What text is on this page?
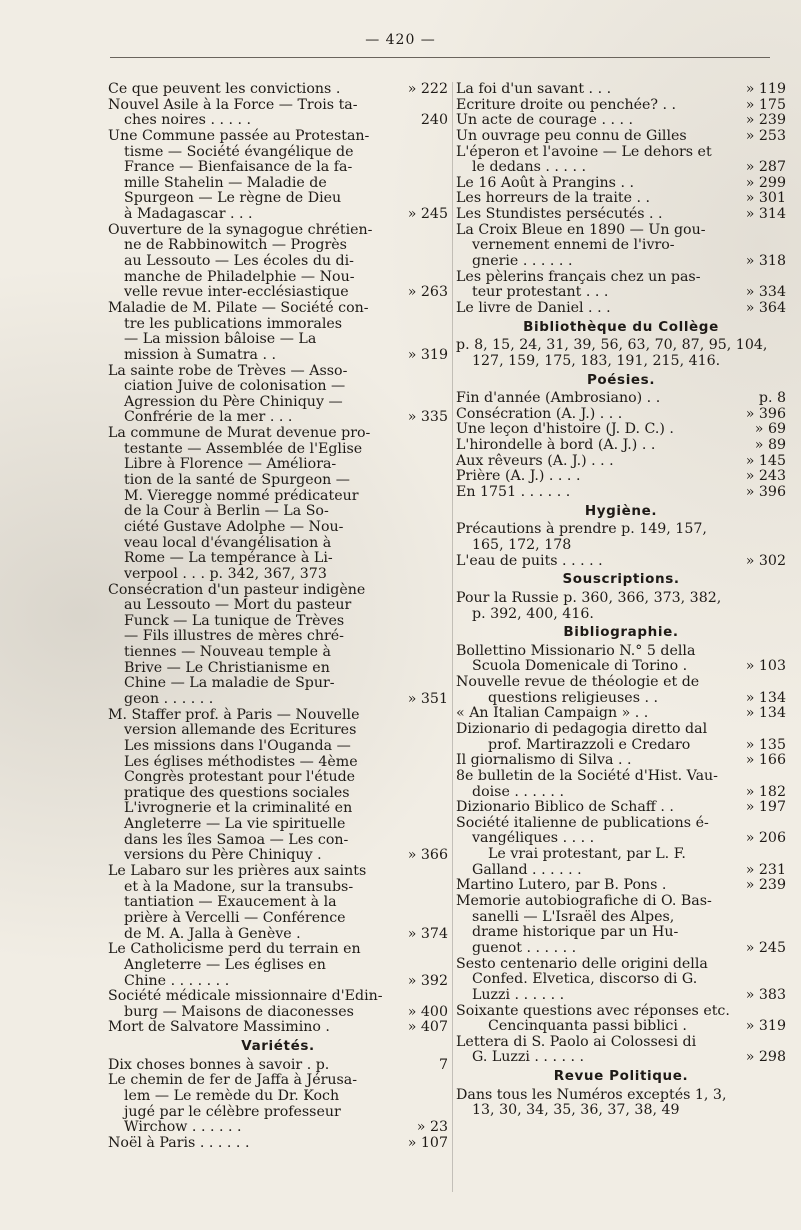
— 420 —
Ce que peuvent les convictions .	» 222
Nouvel Asile à la Force — Trois ta-
ches noires . . . . .	240
Une Commune passée au Protestan-
tisme — Société évangélique de
France — Bienfaisance de la fa-
mille Stahelin — Maladie de
Spurgeon — Le règne de Dieu
à Madagascar . . .	» 245
Ouverture de la synagogue chrétien-
ne de Rabbinowitch — Progrès
au Lessouto — Les écoles du di-
manche de Philadelphie — Nou-
velle revue inter-ecclésiastique	» 263
Maladie de M. Pilate — Société con-
tre les publications immorales
— La mission bâloise — La
mission à Sumatra . .	» 319
La sainte robe de Trèves — Asso-
ciation Juive de colonisation —
Agression du Père Chiniquy —
Confrérie de la mer . . .	» 335
La commune de Murat devenue pro-
testante — Assemblée de l'Eglise
Libre à Florence — Améliora-
tion de la santé de Spurgeon —
M. Vieregge nommé prédicateur
de la Cour à Berlin — La So-
ciété Gustave Adolphe — Nou-
veau local d'évangélisation à
Rome — La tempérance à Li-
verpool . . . p. 342, 367, 373
Consécration d'un pasteur indigène
au Lessouto — Mort du pasteur
Funck — La tunique de Trèves
— Fils illustres de mères chré-
tiennes — Nouveau temple à
Brive — Le Christianisme en
Chine — La maladie de Spur-
geon . . . . . .	» 351
M. Staffer prof. à Paris — Nouvelle
version allemande des Ecritures
Les missions dans l'Ouganda —
Les églises méthodistes — 4ème
Congrès protestant pour l'étude
pratique des questions sociales
L'ivrognerie et la criminalité en
Angleterre — La vie spirituelle
dans les îles Samoa — Les con-
versions du Père Chiniquy .	» 366
Le Labaro sur les prières aux saints
et à la Madone, sur la transubs-
tantiation — Exaucement à la
prière à Vercelli — Conférence
de M. A. Jalla à Genève .	» 374
Le Catholicisme perd du terrain en
Angleterre — Les églises en
Chine . . . . . . .	» 392
Société médicale missionnaire d'Edin-
burg — Maisons de diaconesses	» 400
Mort de Salvatore Massimino .	» 407
Variétés.
Dix choses bonnes à savoir . p.	7
Le chemin de fer de Jaffa à Jérusa-
lem — Le remède du Dr. Koch
jugé par le célèbre professeur
Wirchow . . . . . .	» 23
Noël à Paris . . . . . .	» 107
La foi d'un savant . . .	» 119
Ecriture droite ou penchée? . .	» 175
Un acte de courage . . . .	» 239
Un ouvrage peu connu de Gilles	» 253
L'éperon et l'avoine — Le dehors et
le dedans . . . . .	» 287
Le 16 Août à Prangins . .	» 299
Les horreurs de la traite . .	» 301
Les Stundistes persécutés . .	» 314
La Croix Bleue en 1890 — Un gou-
vernement ennemi de l'ivro-
gnerie . . . . . .	» 318
Les pèlerins français chez un pas-
teur protestant . . .	» 334
Le livre de Daniel . . .	» 364
Bibliothèque du Collège
p. 8, 15, 24, 31, 39, 56, 63, 70, 87, 95, 104,
127, 159, 175, 183, 191, 215, 416.
Poésies.
Fin d'année (Ambrosiano) . .	p. 8
Consécration (A. J.) . . .	» 396
Une leçon d'histoire (J. D. C.) .	» 69
L'hirondelle à bord (A. J.) . .	» 89
Aux rêveurs (A. J.) . . .	» 145
Prière (A. J.) . . . .	» 243
En 1751 . . . . . .	» 396
Hygiène.
Précautions à prendre p. 149, 157,
165, 172, 178
L'eau de puits . . . . .	» 302
Souscriptions.
Pour la Russie p. 360, 366, 373, 382,
p. 392, 400, 416.
Bibliographie.
Bollettino Missionario N.° 5 della
Scuola Domenicale di Torino .	» 103
Nouvelle revue de théologie et de
questions religieuses . .	» 134
« An Italian Campaign » . .	» 134
Dizionario di pedagogia diretto dal
prof. Martirazzoli e Credaro	» 135
Il giornalismo di Silva . .	» 166
8e bulletin de la Société d'Hist. Vau-
doise . . . . . .	» 182
Dizionario Biblico de Schaff . .	» 197
Société italienne de publications é-
vangéliques . . . .	» 206
Le vrai protestant, par L. F.
Galland . . . . . .	» 231
Martino Lutero, par B. Pons .	» 239
Memorie autobiografiche di O. Bas-
sanelli — L'Israël des Alpes,
drame historique par un Hu-
guenot . . . . . .	» 245
Sesto centenario delle origini della
Confed. Elvetica, discorso di G.
Luzzi . . . . . .	» 383
Soixante questions avec réponses etc.
Cencinquanta passi biblici .	» 319
Lettera di S. Paolo ai Colossesi di
G. Luzzi . . . . . .	» 298
Revue Politique.
Dans tous les Numéros exceptés 1, 3,
13, 30, 34, 35, 36, 37, 38, 49
